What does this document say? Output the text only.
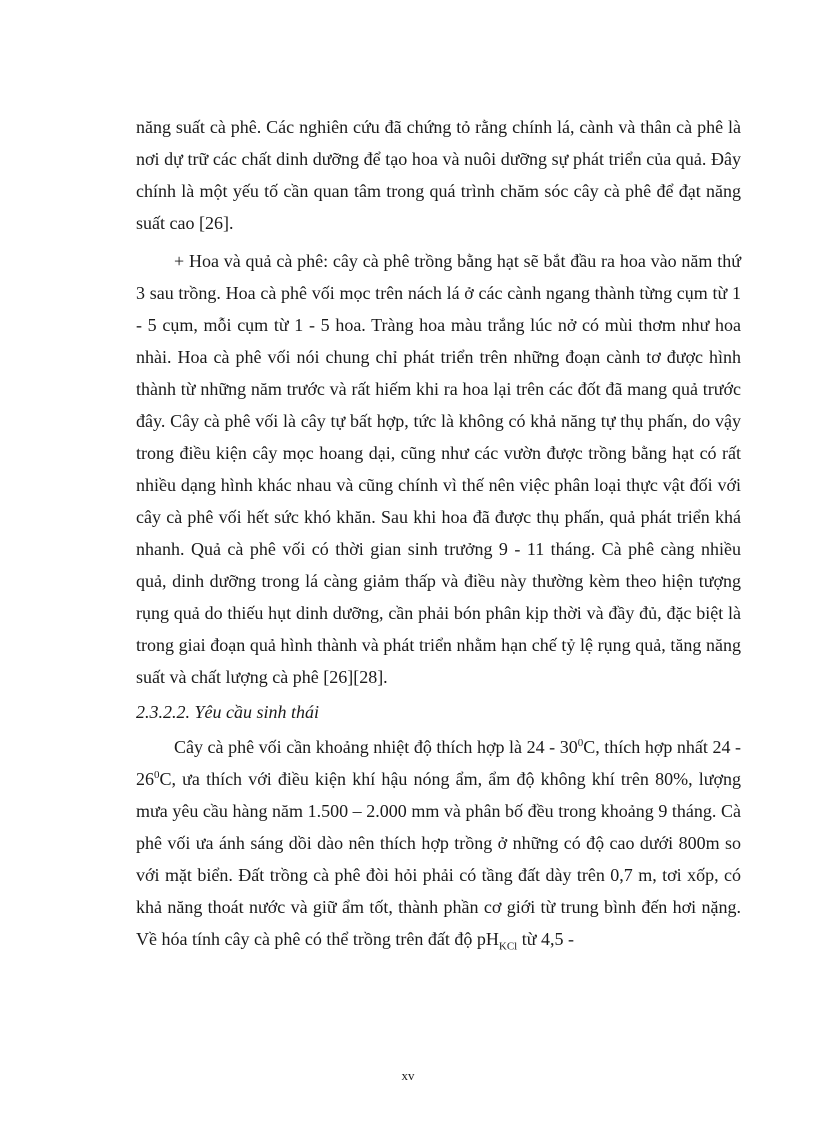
năng suất cà phê. Các nghiên cứu đã chứng tỏ rằng chính lá, cành và thân cà phê là nơi dự trữ các chất dinh dưỡng để tạo hoa và nuôi dưỡng sự phát triển của quả. Đây chính là một yếu tố cần quan tâm trong quá trình chăm sóc cây cà phê để đạt năng suất cao [26].

+ Hoa và quả cà phê: cây cà phê trồng bằng hạt sẽ bắt đầu ra hoa vào năm thứ 3 sau trồng. Hoa cà phê vối mọc trên nách lá ở các cành ngang thành từng cụm từ 1 - 5 cụm, mỗi cụm từ 1 - 5 hoa. Tràng hoa màu trắng lúc nở có mùi thơm như hoa nhài. Hoa cà phê vối nói chung chỉ phát triển trên những đoạn cành tơ được hình thành từ những năm trước và rất hiếm khi ra hoa lại trên các đốt đã mang quả trước đây. Cây cà phê vối là cây tự bất hợp, tức là không có khả năng tự thụ phấn, do vậy trong điều kiện cây mọc hoang dại, cũng như các vườn được trồng bằng hạt có rất nhiều dạng hình khác nhau và cũng chính vì thế nên việc phân loại thực vật đối với cây cà phê vối hết sức khó khăn. Sau khi hoa đã được thụ phấn, quả phát triển khá nhanh. Quả cà phê vối có thời gian sinh trưởng 9 - 11 tháng. Cà phê càng nhiều quả, dinh dưỡng trong lá càng giảm thấp và điều này thường kèm theo hiện tượng rụng quả do thiếu hụt dinh dưỡng, cần phải bón phân kịp thời và đầy đủ, đặc biệt là trong giai đoạn quả hình thành và phát triển nhằm hạn chế tỷ lệ rụng quả, tăng năng suất và chất lượng cà phê [26][28].

2.3.2.2. Yêu cầu sinh thái

Cây cà phê vối cần khoảng nhiệt độ thích hợp là $24 - 30^0C$, thích hợp nhất $24 - 26^0C$, ưa thích với điều kiện khí hậu nóng ẩm, ẩm độ không khí trên 80%, lượng mưa yêu cầu hàng năm 1.500 – 2.000 mm và phân bố đều trong khoảng 9 tháng. Cà phê vối ưa ánh sáng dồi dào nên thích hợp trồng ở những có độ cao dưới 800m so với mặt biển. Đất trồng cà phê đòi hỏi phải có tầng đất dày trên 0,7 m, tơi xốp, có khả năng thoát nước và giữ ẩm tốt, thành phần cơ giới từ trung bình đến hơi nặng. Về hóa tính cây cà phê có thể trồng trên đất độ $pH_{KCl}$ từ 4,5 -

xv
